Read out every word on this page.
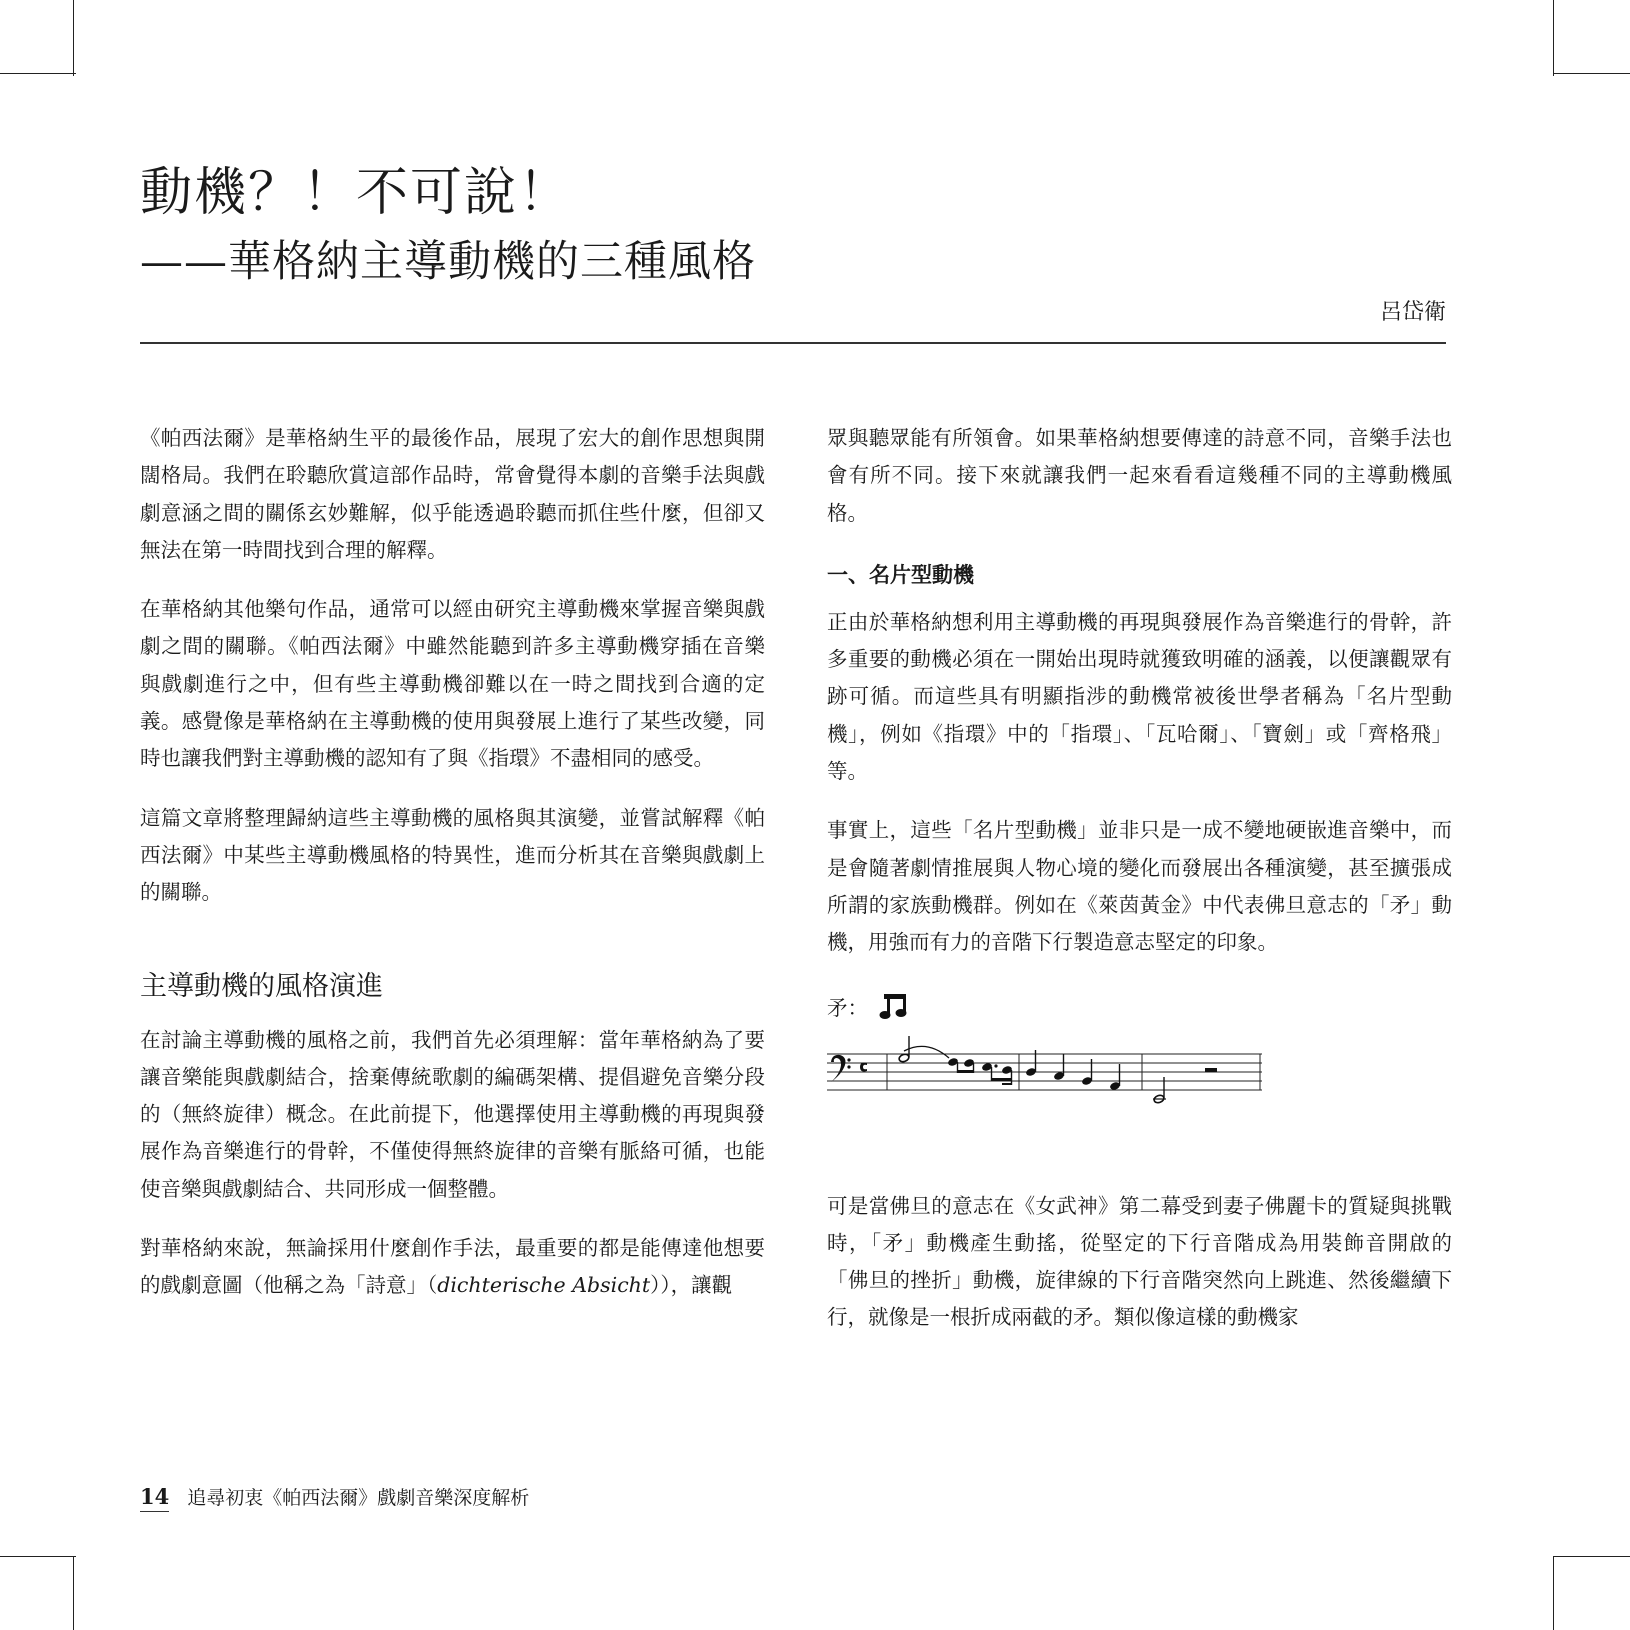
動機？！不可說！
——華格納主導動機的三種風格
呂岱衛

《帕西法爾》是華格納生平的最後作品，展現了宏大的創作思想與開闊格局。我們在聆聽欣賞這部作品時，常會覺得本劇的音樂手法與戲劇意涵之間的關係玄妙難解，似乎能透過聆聽而抓住些什麼，但卻又無法在第一時間找到合理的解釋。

在華格納其他樂句作品，通常可以經由研究主導動機來掌握音樂與戲劇之間的關聯。《帕西法爾》中雖然能聽到許多主導動機穿插在音樂與戲劇進行之中，但有些主導動機卻難以在一時之間找到合適的定義。感覺像是華格納在主導動機的使用與發展上進行了某些改變，同時也讓我們對主導動機的認知有了與《指環》不盡相同的感受。

這篇文章將整理歸納這些主導動機的風格與其演變，並嘗試解釋《帕西法爾》中某些主導動機風格的特異性，進而分析其在音樂與戲劇上的關聯。

主導動機的風格演進

在討論主導動機的風格之前，我們首先必須理解：當年華格納為了要讓音樂能與戲劇結合，捨棄傳統歌劇的編碼架構、提倡避免音樂分段的（無終旋律）概念。在此前提下，他選擇使用主導動機的再現與發展作為音樂進行的骨幹，不僅使得無終旋律的音樂有脈絡可循，也能使音樂與戲劇結合、共同形成一個整體。

對華格納來說，無論採用什麼創作手法，最重要的都是能傳達他想要的戲劇意圖（他稱之為「詩意」（dichterische Absicht）），讓觀

眾與聽眾能有所領會。如果華格納想要傳達的詩意不同，音樂手法也會有所不同。接下來就讓我們一起來看看這幾種不同的主導動機風格。

一、名片型動機

正由於華格納想利用主導動機的再現與發展作為音樂進行的骨幹，許多重要的動機必須在一開始出現時就獲致明確的涵義，以便讓觀眾有跡可循。而這些具有明顯指涉的動機常被後世學者稱為「名片型動機」，例如《指環》中的「指環」、「瓦哈爾」、「寶劍」或「齊格飛」等。

事實上，這些「名片型動機」並非只是一成不變地硬嵌進音樂中，而是會隨著劇情推展與人物心境的變化而發展出各種演變，甚至擴張成所謂的家族動機群。例如在《萊茵黃金》中代表佛旦意志的「矛」動機，用強而有力的音階下行製造意志堅定的印象。

矛：

可是當佛旦的意志在《女武神》第二幕受到妻子佛麗卡的質疑與挑戰時，「矛」動機產生動搖，從堅定的下行音階成為用裝飾音開啟的「佛旦的挫折」動機，旋律線的下行音階突然向上跳進、然後繼續下行，就像是一根折成兩截的矛。類似像這樣的動機家

14 追尋初衷《帕西法爾》戲劇音樂深度解析
